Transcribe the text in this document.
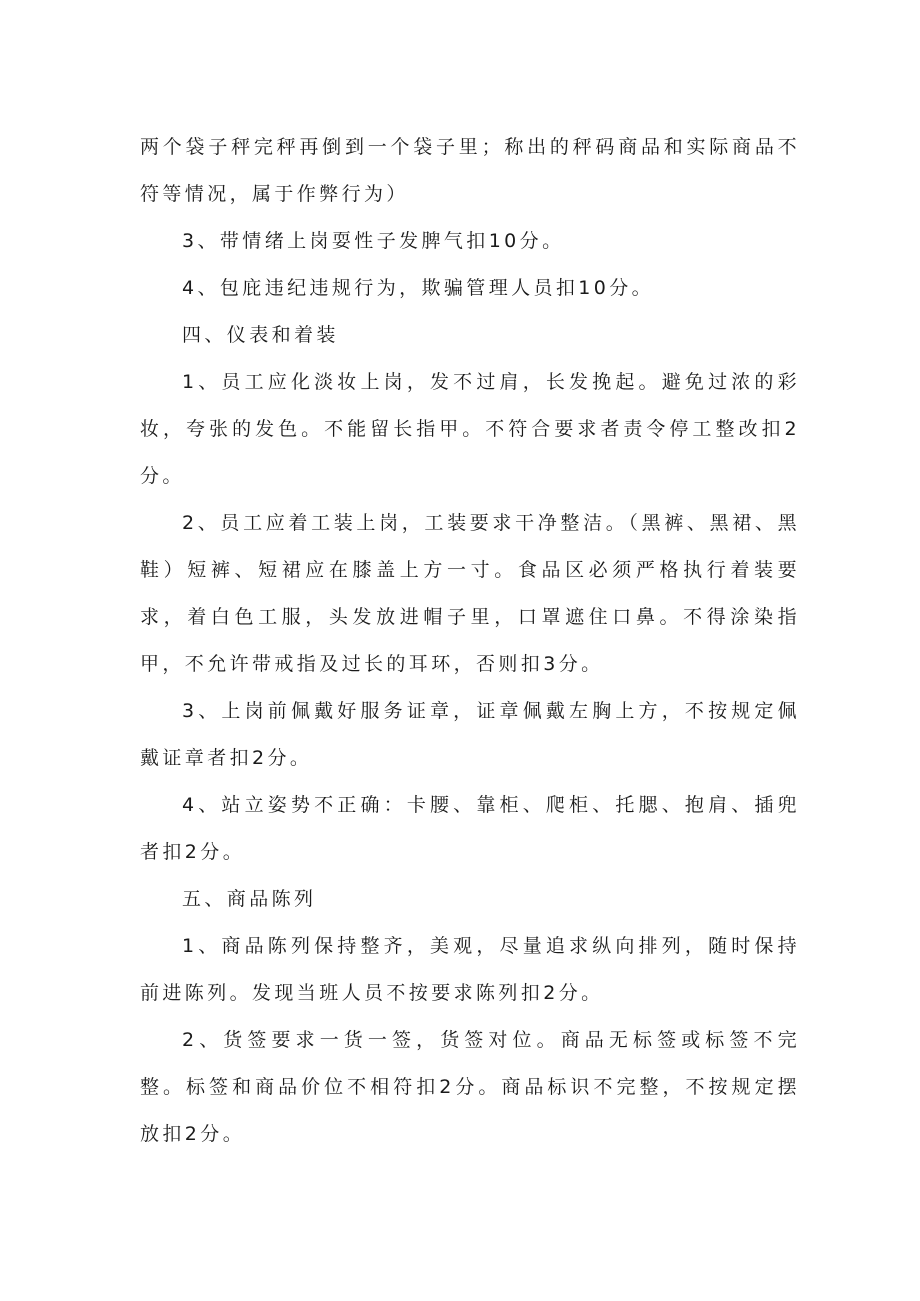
两个袋子秤完秤再倒到一个袋子里；称出的秤码商品和实际商品不符等情况，属于作弊行为）

3、带情绪上岗耍性子发脾气扣10分。

4、包庇违纪违规行为，欺骗管理人员扣10分。

四、仪表和着装

1、员工应化淡妆上岗，发不过肩，长发挽起。避免过浓的彩妆，夸张的发色。不能留长指甲。不符合要求者责令停工整改扣2分。

2、员工应着工装上岗，工装要求干净整洁。（黑裤、黑裙、黑鞋）短裤、短裙应在膝盖上方一寸。食品区必须严格执行着装要求，着白色工服，头发放进帽子里，口罩遮住口鼻。不得涂染指甲，不允许带戒指及过长的耳环，否则扣3分。

3、上岗前佩戴好服务证章，证章佩戴左胸上方，不按规定佩戴证章者扣2分。

4、站立姿势不正确：卡腰、靠柜、爬柜、托腮、抱肩、插兜者扣2分。

五、商品陈列

1、商品陈列保持整齐，美观，尽量追求纵向排列，随时保持前进陈列。发现当班人员不按要求陈列扣2分。

2、货签要求一货一签，货签对位。商品无标签或标签不完整。标签和商品价位不相符扣2分。商品标识不完整，不按规定摆放扣2分。
